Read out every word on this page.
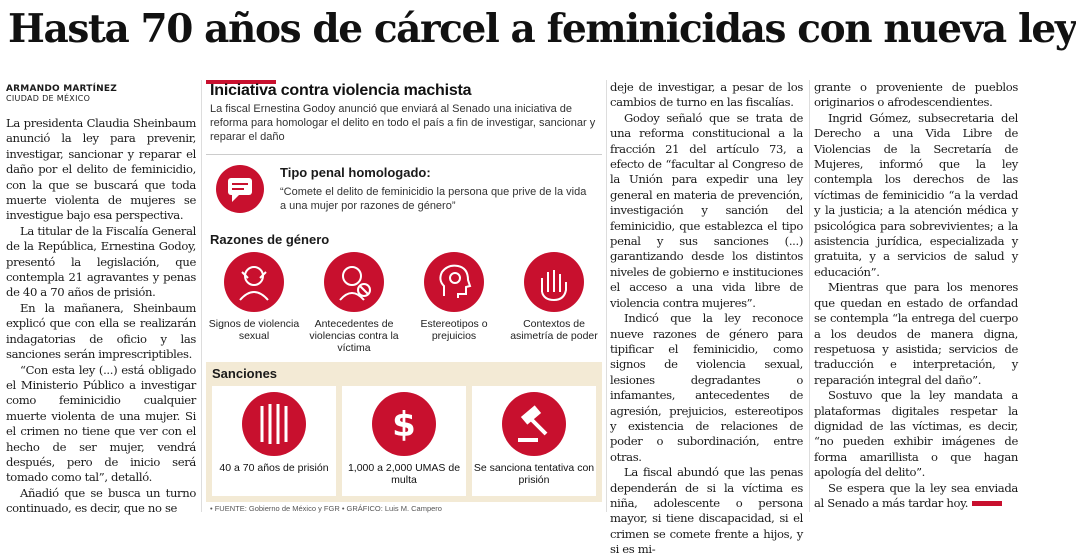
Hasta 70 años de cárcel a feminicidas con nueva ley
ARMANDO MARTÍNEZ
CIUDAD DE MÉXICO

La presidenta Claudia Sheinbaum anunció la ley para prevenir, investigar, sancionar y reparar el daño por el delito de feminicidio, con la que se buscará que toda muerte violenta de mujeres se investigue bajo esa perspectiva.

La titular de la Fiscalía General de la República, Ernestina Godoy, presentó la legislación, que contempla 21 agravantes y penas de 40 a 70 años de prisión.

En la mañanera, Sheinbaum explicó que con ella se realizarán indagatorias de oficio y las sanciones serán imprescriptibles.

“Con esta ley (...) está obligado el Ministerio Público a investigar como feminicidio cualquier muerte violenta de una mujer. Si el crimen no tiene que ver con el hecho de ser mujer, vendrá después, pero de inicio será tomado como tal”, detalló.

Añadió que se busca un turno continuado, es decir, que no se

Iniciativa contra violencia machista
La fiscal Ernestina Godoy anunció que enviará al Senado una iniciativa de reforma para homologar el delito en todo el país a fin de investigar, sancionar y reparar el daño
Tipo penal homologado:
“Comete el delito de feminicidio la persona que prive de la vida a una mujer por razones de género”
Razones de género
Signos de violencia sexual
Antecedentes de violencias contra la víctima
Estereotipos o prejuicios
Contextos de asimetría de poder
Sanciones
40 a 70 años de prisión
$
1,000 a 2,000 UMAS de multa
Se sanciona tentativa con prisión
• FUENTE: Gobierno de México y FGR • GRÁFICO: Luis M. Campero

deje de investigar, a pesar de los cambios de turno en las fiscalías.

Godoy señaló que se trata de una reforma constitucional a la fracción 21 del artículo 73, a efecto de “facultar al Congreso de la Unión para expedir una ley general en materia de prevención, investigación y sanción del feminicidio, que establezca el tipo penal y sus sanciones (...) garantizando desde los distintos niveles de gobierno e instituciones el acceso a una vida libre de violencia contra mujeres”.

Indicó que la ley reconoce nueve razones de género para tipificar el feminicidio, como signos de violencia sexual, lesiones degradantes o infamantes, antecedentes de agresión, prejuicios, estereotipos y existencia de relaciones de poder o subordinación, entre otras.

La fiscal abundó que las penas dependerán de si la víctima es niña, adolescente o persona mayor, si tiene discapacidad, si el crimen se comete frente a hijos, y si es mi-

grante o proveniente de pueblos originarios o afrodescendientes.

Ingrid Gómez, subsecretaria del Derecho a una Vida Libre de Violencias de la Secretaría de Mujeres, informó que la ley contempla los derechos de las víctimas de feminicidio “a la verdad y la justicia; a la atención médica y psicológica para sobrevivientes; a la asistencia jurídica, especializada y gratuita, y a servicios de salud y educación”.

Mientras que para los menores que quedan en estado de orfandad se contempla “la entrega del cuerpo a los deudos de manera digna, respetuosa y asistida; servicios de traducción e interpretación, y reparación integral del daño”.

Sostuvo que la ley mandata a plataformas digitales respetar la dignidad de las víctimas, es decir, “no pueden exhibir imágenes de forma amarillista o que hagan apología del delito”.

Se espera que la ley sea enviada al Senado a más tardar hoy.
